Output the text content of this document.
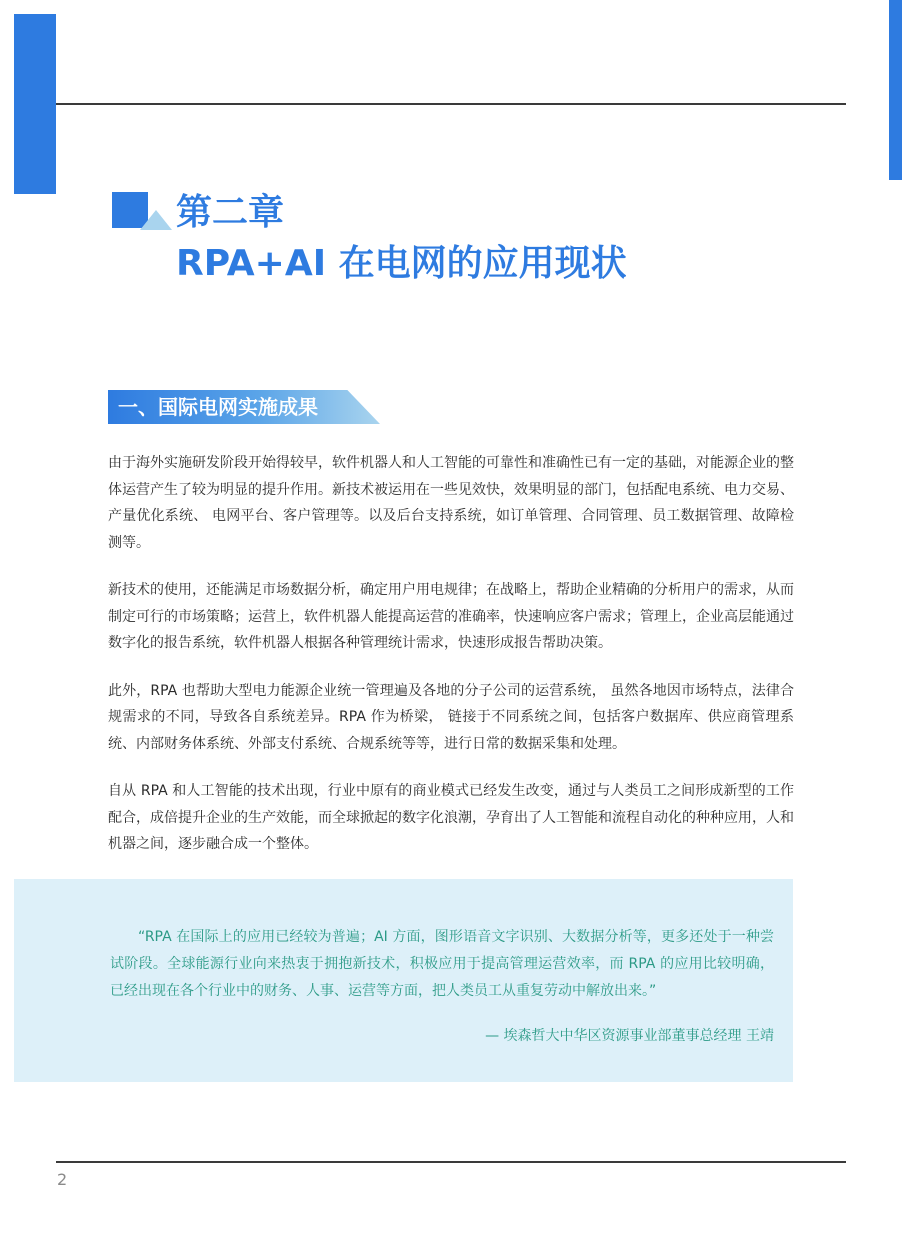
第二章
RPA+AI 在电网的应用现状
一、国际电网实施成果

由于海外实施研发阶段开始得较早，软件机器人和人工智能的可靠性和准确性已有一定的基础，对能源企业的整体运营产生了较为明显的提升作用。新技术被运用在一些见效快，效果明显的部门，包括配电系统、电力交易、产量优化系统、 电网平台、客户管理等。以及后台支持系统，如订单管理、合同管理、员工数据管理、故障检测等。

新技术的使用，还能满足市场数据分析，确定用户用电规律；在战略上，帮助企业精确的分析用户的需求，从而制定可行的市场策略；运营上，软件机器人能提高运营的准确率，快速响应客户需求；管理上，企业高层能通过数字化的报告系统，软件机器人根据各种管理统计需求，快速形成报告帮助决策。

此外，RPA 也帮助大型电力能源企业统一管理遍及各地的分子公司的运营系统， 虽然各地因市场特点，法律合规需求的不同，导致各自系统差异。RPA 作为桥梁， 链接于不同系统之间，包括客户数据库、供应商管理系统、内部财务体系统、外部支付系统、合规系统等等，进行日常的数据采集和处理。

自从 RPA 和人工智能的技术出现，行业中原有的商业模式已经发生改变，通过与人类员工之间形成新型的工作配合，成倍提升企业的生产效能，而全球掀起的数字化浪潮，孕育出了人工智能和流程自动化的种种应用，人和机器之间，逐步融合成一个整体。

“RPA 在国际上的应用已经较为普遍；AI 方面，图形语音文字识别、大数据分析等，更多还处于一种尝试阶段。全球能源行业向来热衷于拥抱新技术，积极应用于提高管理运营效率，而 RPA 的应用比较明确，已经出现在各个行业中的财务、人事、运营等方面，把人类员工从重复劳动中解放出来。”

— 埃森哲大中华区资源事业部董事总经理 王靖

2
